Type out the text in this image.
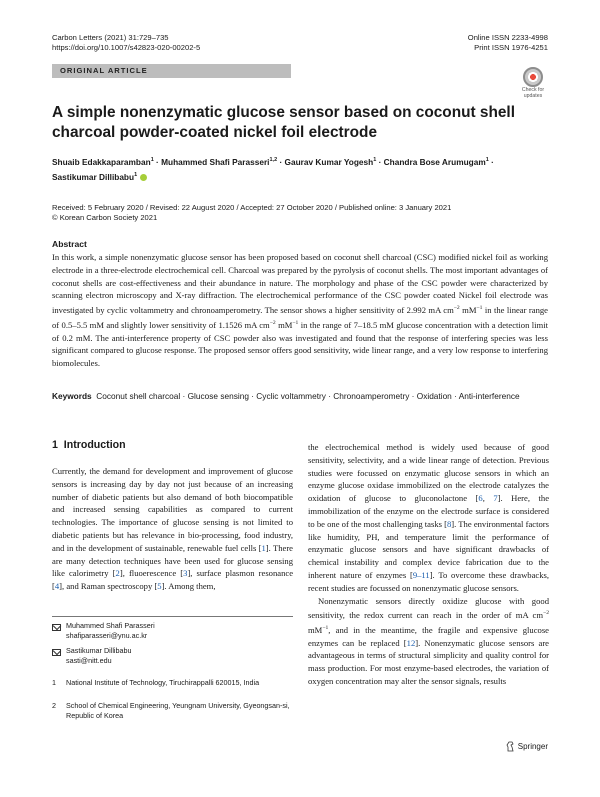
Carbon Letters (2021) 31:729–735
https://doi.org/10.1007/s42823-020-00202-5
Online ISSN 2233-4998
Print ISSN 1976-4251
ORIGINAL ARTICLE
Check for updates
A simple nonenzymatic glucose sensor based on coconut shell charcoal powder-coated nickel foil electrode
Shuaib Edakkaparamban$^1$ · Muhammed Shafi Parasseri$^{1,2}$ · Gaurav Kumar Yogesh$^1$ · Chandra Bose Arumugam$^1$ ·
Sastikumar Dillibabu$^1$
Received: 5 February 2020 / Revised: 22 August 2020 / Accepted: 27 October 2020 / Published online: 3 January 2021
© Korean Carbon Society 2021
Abstract
In this work, a simple nonenzymatic glucose sensor has been proposed based on coconut shell charcoal (CSC) modified nickel foil as working electrode in a three-electrode electrochemical cell. Charcoal was prepared by the pyrolysis of coconut shells. The most important advantages of coconut shells are cost-effectiveness and their abundance in nature. The morphology and phase of the CSC powder were characterized by scanning electron microscopy and X-ray diffraction. The electrochemical performance of the CSC powder coated Nickel foil electrode was investigated by cyclic voltammetry and chronoamperometry. The sensor shows a higher sensitivity of 2.992 mA $cm^{-2}$ $mM^{-1}$ in the linear range of 0.5–5.5 mM and slightly lower sensitivity of 1.1526 mA $cm^{-2}$ $mM^{-1}$ in the range of 7–18.5 mM glucose concentration with a detection limit of 0.2 mM. The anti-interference property of CSC powder also was investigated and found that the response of interfering species was less significant compared to glucose response. The proposed sensor offers good sensitivity, wide linear range, and a very low response to interfering biomolecules.
Keywords Coconut shell charcoal · Glucose sensing · Cyclic voltammetry · Chronoamperometry · Oxidation · Anti-interference
1 Introduction

Currently, the demand for development and improvement of glucose sensors is increasing day by day not just because of an increasing number of diabetic patients but also demand of both biocompatible and increased sensing capabilities as compared to current technologies. The importance of glucose sensing is not limited to diabetic patients but has relevance in bio-processing, food industry, and in the development of sustainable, renewable fuel cells [1]. There are many detection techniques have been used for glucose sensing like calorimetry [2], fluoerescence [3], surface plasmon resonance [4], and Raman spectroscopy [5]. Among them,

the electrochemical method is widely used because of good sensitivity, selectivity, and a wide linear range of detection. Previous studies were focussed on enzymatic glucose sensors in which an enzyme glucose oxidase immobilized on the electrode catalyzes the oxidation of glucose to gluconolactone [6, 7]. Here, the immobilization of the enzyme on the electrode surface is considered to be one of the most challenging tasks [8]. The environmental factors like humidity, PH, and temperature limit the performance of enzymatic glucose sensors and have significant drawbacks of chemical instability and complex device fabrication due to the inherent nature of enzymes [9–11]. To overcome these drawbacks, recent studies are focussed on nonenzymatic glucose sensors.

Nonenzymatic sensors directly oxidize glucose with good sensitivity, the redox current can reach in the order of mA $cm^{-2}$ $mM^{-1}$, and in the meantime, the fragile and expensive glucose enzymes can be replaced [12]. Nonenzymatic glucose sensors are advantageous in terms of structural simplicity and quality control for mass production. For most enzyme-based electrodes, the variation of oxygen concentration may alter the sensor signals, results

Muhammed Shafi Parasseri
shafiparasseri@ynu.ac.kr
Sastikumar Dillibabu
sasti@nitt.edu
1 National Institute of Technology, Tiruchirappalli 620015, India
2 School of Chemical Engineering, Yeungnam University, Gyeongsan-si, Republic of Korea
Springer
